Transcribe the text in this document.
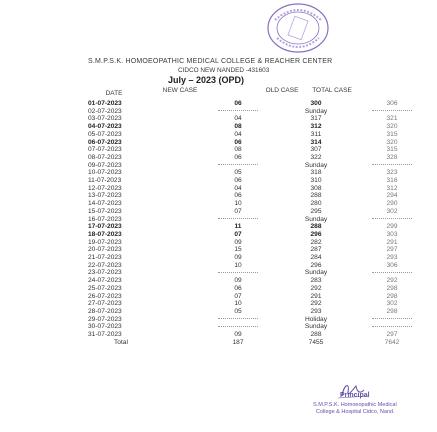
S.M.P.S.K. HOMOEOPATHIC MEDICAL COLLEGE & REACHER CENTER
CIDCO NEW NANDED -431603
July – 2023 (OPD)
DATE	NEW CASE	OLD CASE	TOTAL CASE
01-07-2023	06	300	306
02-07-2023		Sunday	
03-07-2023	04	317	321
04-07-2023	08	312	320
05-07-2023	04	311	315
06-07-2023	06	314	320
07-07-2023	08	307	315
08-07-2023	06	322	328
09-07-2023		Sunday	
10-07-2023	05	318	323
11-07-2023	06	310	316
12-07-2023	04	308	312
13-07-2023	06	288	294
14-07-2023	10	280	290
15-07-2023	07	295	302
16-07-2023		Sunday	
17-07-2023	11	288	299
18-07-2023	07	296	303
19-07-2023	09	282	291
20-07-2023	15	287	297
21-07-2023	09	284	293
22-07-2023	10	296	306
23-07-2023		Sunday	
24-07-2023	09	283	292
25-07-2023	06	292	298
26-07-2023	07	291	298
27-07-2023	10	292	302
28-07-2023	05	293	298
29-07-2023		Holiday	
30-07-2023		Sunday	
31-07-2023	09	288	297
Total	187	7455	7642
Principal
S.M.P.S.K. Homoeopathic Medical
College & Hospital Cidco, Nand.
